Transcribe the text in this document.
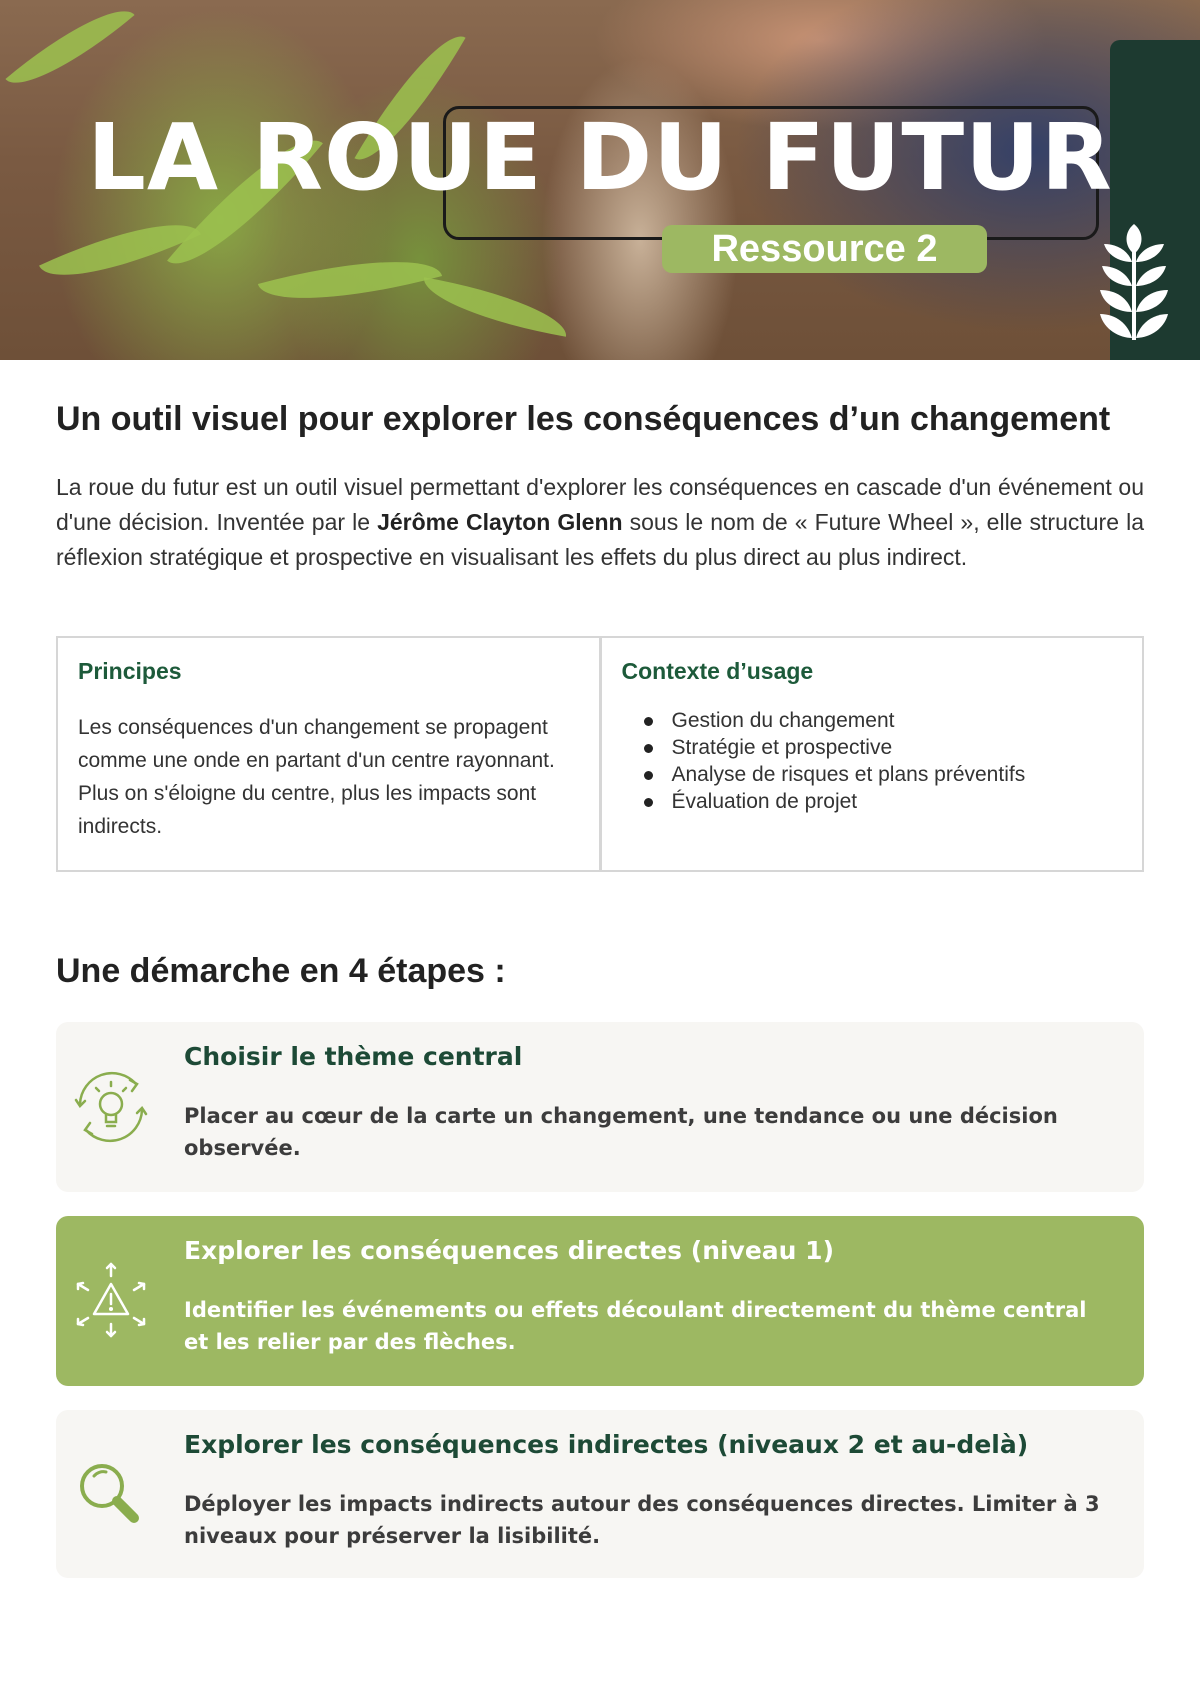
LA ROUE DU FUTUR
Ressource 2
Un outil visuel pour explorer les conséquences d’un changement

La roue du futur est un outil visuel permettant d'explorer les conséquences en cascade d'un événement ou d'une décision. Inventée par le Jérôme Clayton Glenn sous le nom de « Future Wheel », elle structure la réflexion stratégique et prospective en visualisant les effets du plus direct au plus indirect.

Principes

Les conséquences d'un changement se propagent comme une onde en partant d'un centre rayonnant. Plus on s'éloigne du centre, plus les impacts sont indirects.

Contexte d’usage
Gestion du changement
Stratégie et prospective
Analyse de risques et plans préventifs
Évaluation de projet
Une démarche en 4 étapes :
Choisir le thème central

Placer au cœur de la carte un changement, une tendance ou une décision observée.

Explorer les conséquences directes (niveau 1)

Identifier les événements ou effets découlant directement du thème central et les relier par des flèches.

Explorer les conséquences indirectes (niveaux 2 et au-delà)

Déployer les impacts indirects autour des conséquences directes. Limiter à 3 niveaux pour préserver la lisibilité.
